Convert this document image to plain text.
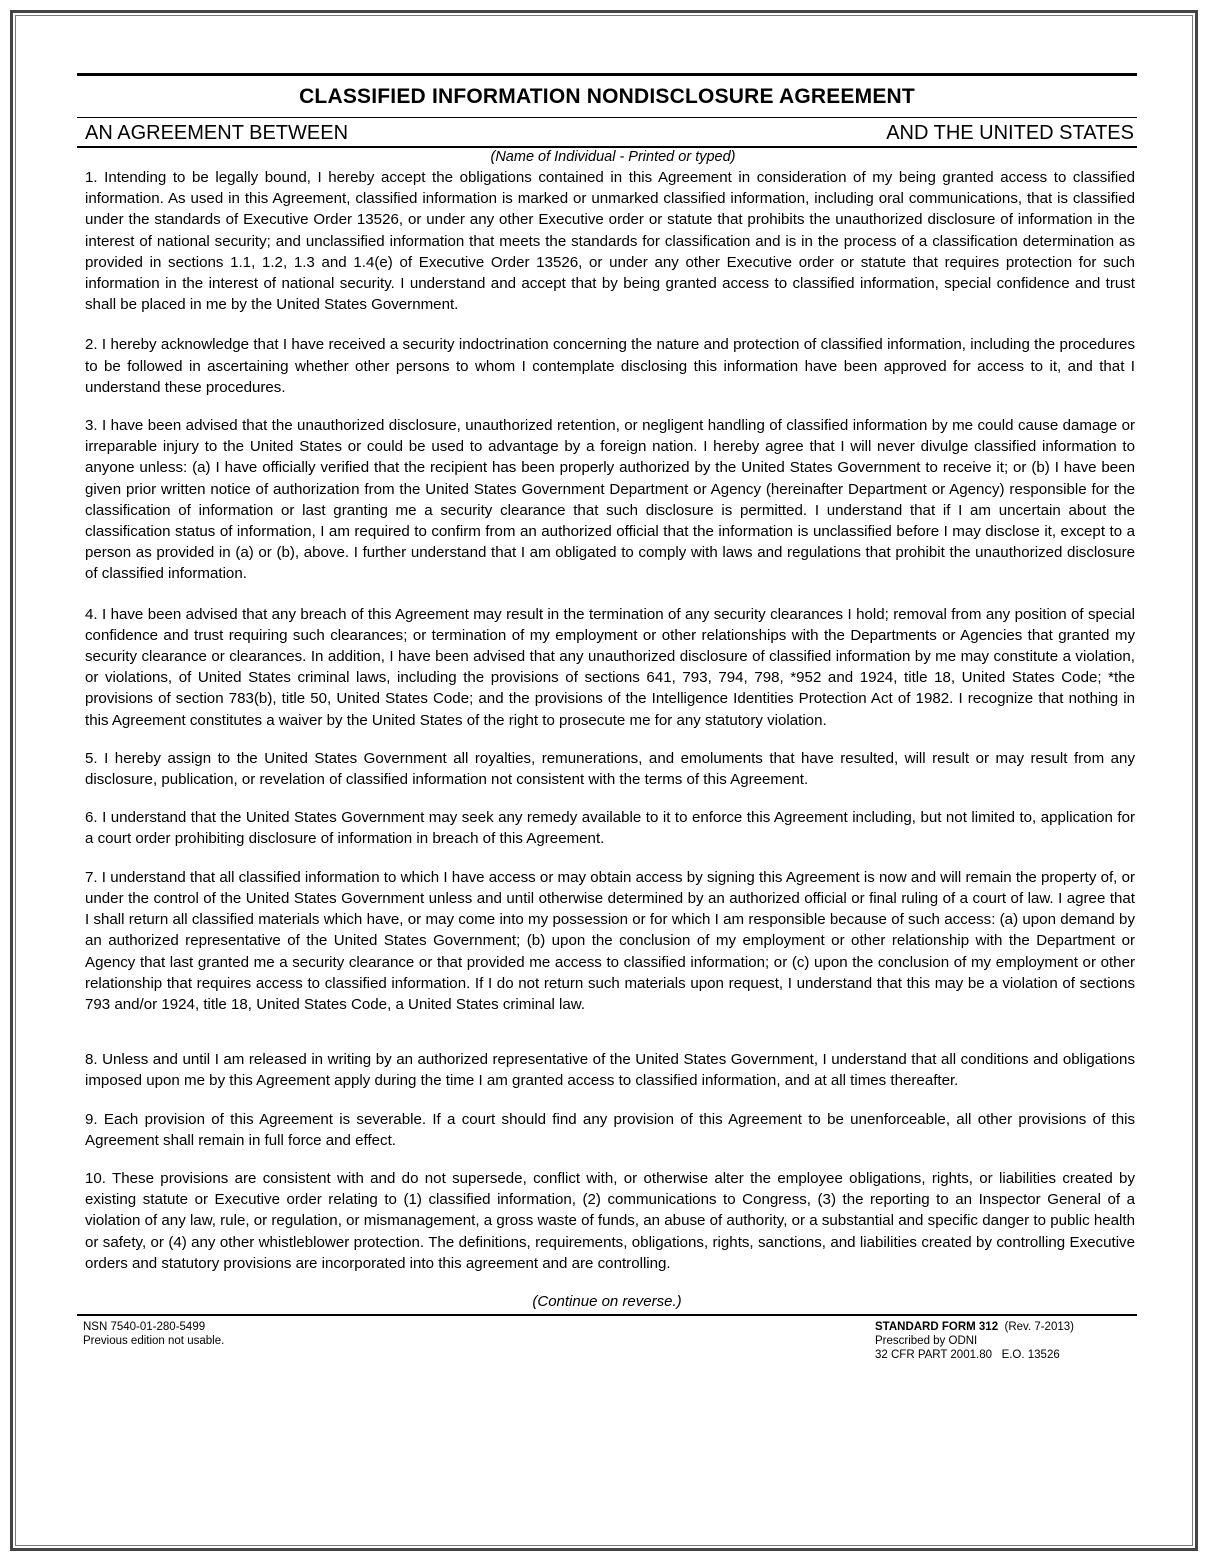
CLASSIFIED INFORMATION NONDISCLOSURE AGREEMENT
AN AGREEMENT BETWEEN	AND THE UNITED STATES
(Name of Individual - Printed or typed)

1. Intending to be legally bound, I hereby accept the obligations contained in this Agreement in consideration of my being granted access to classified information. As used in this Agreement, classified information is marked or unmarked classified information, including oral communications, that is classified under the standards of Executive Order 13526, or under any other Executive order or statute that prohibits the unauthorized disclosure of information in the interest of national security; and unclassified information that meets the standards for classification and is in the process of a classification determination as provided in sections 1.1, 1.2, 1.3 and 1.4(e) of Executive Order 13526, or under any other Executive order or statute that requires protection for such information in the interest of national security. I understand and accept that by being granted access to classified information, special confidence and trust shall be placed in me by the United States Government.

2. I hereby acknowledge that I have received a security indoctrination concerning the nature and protection of classified information, including the procedures to be followed in ascertaining whether other persons to whom I contemplate disclosing this information have been approved for access to it, and that I understand these procedures.

3. I have been advised that the unauthorized disclosure, unauthorized retention, or negligent handling of classified information by me could cause damage or irreparable injury to the United States or could be used to advantage by a foreign nation. I hereby agree that I will never divulge classified information to anyone unless: (a) I have officially verified that the recipient has been properly authorized by the United States Government to receive it; or (b) I have been given prior written notice of authorization from the United States Government Department or Agency (hereinafter Department or Agency) responsible for the classification of information or last granting me a security clearance that such disclosure is permitted. I understand that if I am uncertain about the classification status of information, I am required to confirm from an authorized official that the information is unclassified before I may disclose it, except to a person as provided in (a) or (b), above. I further understand that I am obligated to comply with laws and regulations that prohibit the unauthorized disclosure of classified information.

4. I have been advised that any breach of this Agreement may result in the termination of any security clearances I hold; removal from any position of special confidence and trust requiring such clearances; or termination of my employment or other relationships with the Departments or Agencies that granted my security clearance or clearances. In addition, I have been advised that any unauthorized disclosure of classified information by me may constitute a violation, or violations, of United States criminal laws, including the provisions of sections 641, 793, 794, 798, *952 and 1924, title 18, United States Code; *the provisions of section 783(b), title 50, United States Code; and the provisions of the Intelligence Identities Protection Act of 1982. I recognize that nothing in this Agreement constitutes a waiver by the United States of the right to prosecute me for any statutory violation.

5. I hereby assign to the United States Government all royalties, remunerations, and emoluments that have resulted, will result or may result from any disclosure, publication, or revelation of classified information not consistent with the terms of this Agreement.

6. I understand that the United States Government may seek any remedy available to it to enforce this Agreement including, but not limited to, application for a court order prohibiting disclosure of information in breach of this Agreement.

7. I understand that all classified information to which I have access or may obtain access by signing this Agreement is now and will remain the property of, or under the control of the United States Government unless and until otherwise determined by an authorized official or final ruling of a court of law. I agree that I shall return all classified materials which have, or may come into my possession or for which I am responsible because of such access: (a) upon demand by an authorized representative of the United States Government; (b) upon the conclusion of my employment or other relationship with the Department or Agency that last granted me a security clearance or that provided me access to classified information; or (c) upon the conclusion of my employment or other relationship that requires access to classified information. If I do not return such materials upon request, I understand that this may be a violation of sections 793 and/or 1924, title 18, United States Code, a United States criminal law.

8. Unless and until I am released in writing by an authorized representative of the United States Government, I understand that all conditions and obligations imposed upon me by this Agreement apply during the time I am granted access to classified information, and at all times thereafter.

9. Each provision of this Agreement is severable. If a court should find any provision of this Agreement to be unenforceable, all other provisions of this Agreement shall remain in full force and effect.

10. These provisions are consistent with and do not supersede, conflict with, or otherwise alter the employee obligations, rights, or liabilities created by existing statute or Executive order relating to (1) classified information, (2) communications to Congress, (3) the reporting to an Inspector General of a violation of any law, rule, or regulation, or mismanagement, a gross waste of funds, an abuse of authority, or a substantial and specific danger to public health or safety, or (4) any other whistleblower protection. The definitions, requirements, obligations, rights, sanctions, and liabilities created by controlling Executive orders and statutory provisions are incorporated into this agreement and are controlling.

(Continue on reverse.)
NSN 7540-01-280-5499
Previous edition not usable.
STANDARD FORM 312 (Rev. 7-2013)
Prescribed by ODNI
32 CFR PART 2001.80   E.O. 13526
